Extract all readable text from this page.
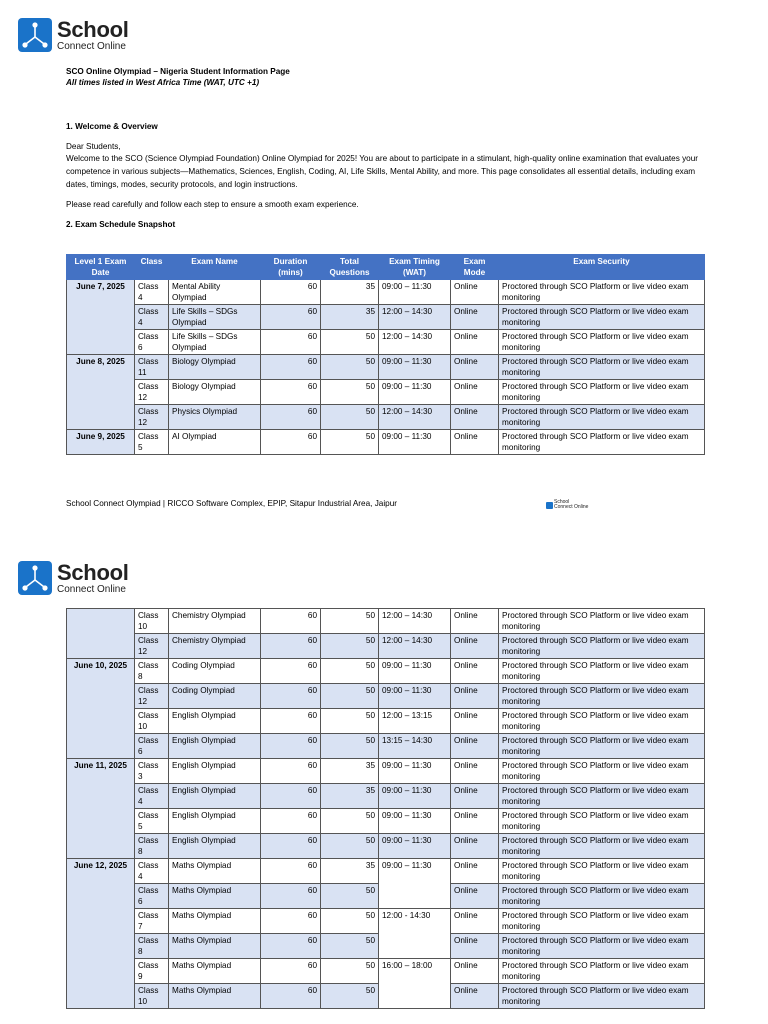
School
Connect Online

SCO Online Olympiad – Nigeria Student Information Page

All times listed in West Africa Time (WAT, UTC +1)

1. Welcome & Overview

Dear Students,

Welcome to the SCO (Science Olympiad Foundation) Online Olympiad for 2025! You are about to participate in a stimulant, high-quality online examination that evaluates your competence in various subjects—Mathematics, Sciences, English, Coding, AI, Life Skills, Mental Ability, and more. This page consolidates all essential details, including exam dates, timings, modes, security protocols, and login instructions.

Please read carefully and follow each step to ensure a smooth exam experience.

2. Exam Schedule Snapshot

Level 1 Exam Date	Class	Exam Name	Duration (mins)	Total Questions	Exam Timing (WAT)	Exam Mode	Exam Security
June 7, 2025	Class 4	Mental Ability Olympiad	60	35	09:00 – 11:30	Online	Proctored through SCO Platform or live video exam monitoring
	Class 4	Life Skills – SDGs Olympiad	60	35	12:00 – 14:30	Online	Proctored through SCO Platform or live video exam monitoring
	Class 6	Life Skills – SDGs Olympiad	60	50	12:00 – 14:30	Online	Proctored through SCO Platform or live video exam monitoring
June 8, 2025	Class 11	Biology Olympiad	60	50	09:00 – 11:30	Online	Proctored through SCO Platform or live video exam monitoring
	Class 12	Biology Olympiad	60	50	09:00 – 11:30	Online	Proctored through SCO Platform or live video exam monitoring
	Class 12	Physics Olympiad	60	50	12:00 – 14:30	Online	Proctored through SCO Platform or live video exam monitoring
June 9, 2025	Class 5	AI Olympiad	60	50	09:00 – 11:30	Online	Proctored through SCO Platform or live video exam monitoring
School Connect Olympiad | RICCO Software Complex, EPIP, Sitapur Industrial Area, Jaipur	School
Connect Online
School
Connect Online
	Class 10	Chemistry Olympiad	60	50	12:00 – 14:30	Online	Proctored through SCO Platform or live video exam monitoring
	Class 12	Chemistry Olympiad	60	50	12:00 – 14:30	Online	Proctored through SCO Platform or live video exam monitoring
June 10, 2025	Class 8	Coding Olympiad	60	50	09:00 – 11:30	Online	Proctored through SCO Platform or live video exam monitoring
	Class 12	Coding Olympiad	60	50	09:00 – 11:30	Online	Proctored through SCO Platform or live video exam monitoring
	Class 10	English Olympiad	60	50	12:00 – 13:15	Online	Proctored through SCO Platform or live video exam monitoring
	Class 6	English Olympiad	60	50	13:15 – 14:30	Online	Proctored through SCO Platform or live video exam monitoring
June 11, 2025	Class 3	English Olympiad	60	35	09:00 – 11:30	Online	Proctored through SCO Platform or live video exam monitoring
	Class 4	English Olympiad	60	35	09:00 – 11:30	Online	Proctored through SCO Platform or live video exam monitoring
	Class 5	English Olympiad	60	50	09:00 – 11:30	Online	Proctored through SCO Platform or live video exam monitoring
	Class 8	English Olympiad	60	50	09:00 – 11:30	Online	Proctored through SCO Platform or live video exam monitoring
June 12, 2025	Class 4	Maths Olympiad	60	35	09:00 – 11:30	Online	Proctored through SCO Platform or live video exam monitoring
	Class 6	Maths Olympiad	60	50		Online	Proctored through SCO Platform or live video exam monitoring
	Class 7	Maths Olympiad	60	50	12:00 - 14:30	Online	Proctored through SCO Platform or live video exam monitoring
	Class 8	Maths Olympiad	60	50		Online	Proctored through SCO Platform or live video exam monitoring
	Class 9	Maths Olympiad	60	50	16:00 – 18:00	Online	Proctored through SCO Platform or live video exam monitoring
	Class 10	Maths Olympiad	60	50		Online	Proctored through SCO Platform or live video exam monitoring
